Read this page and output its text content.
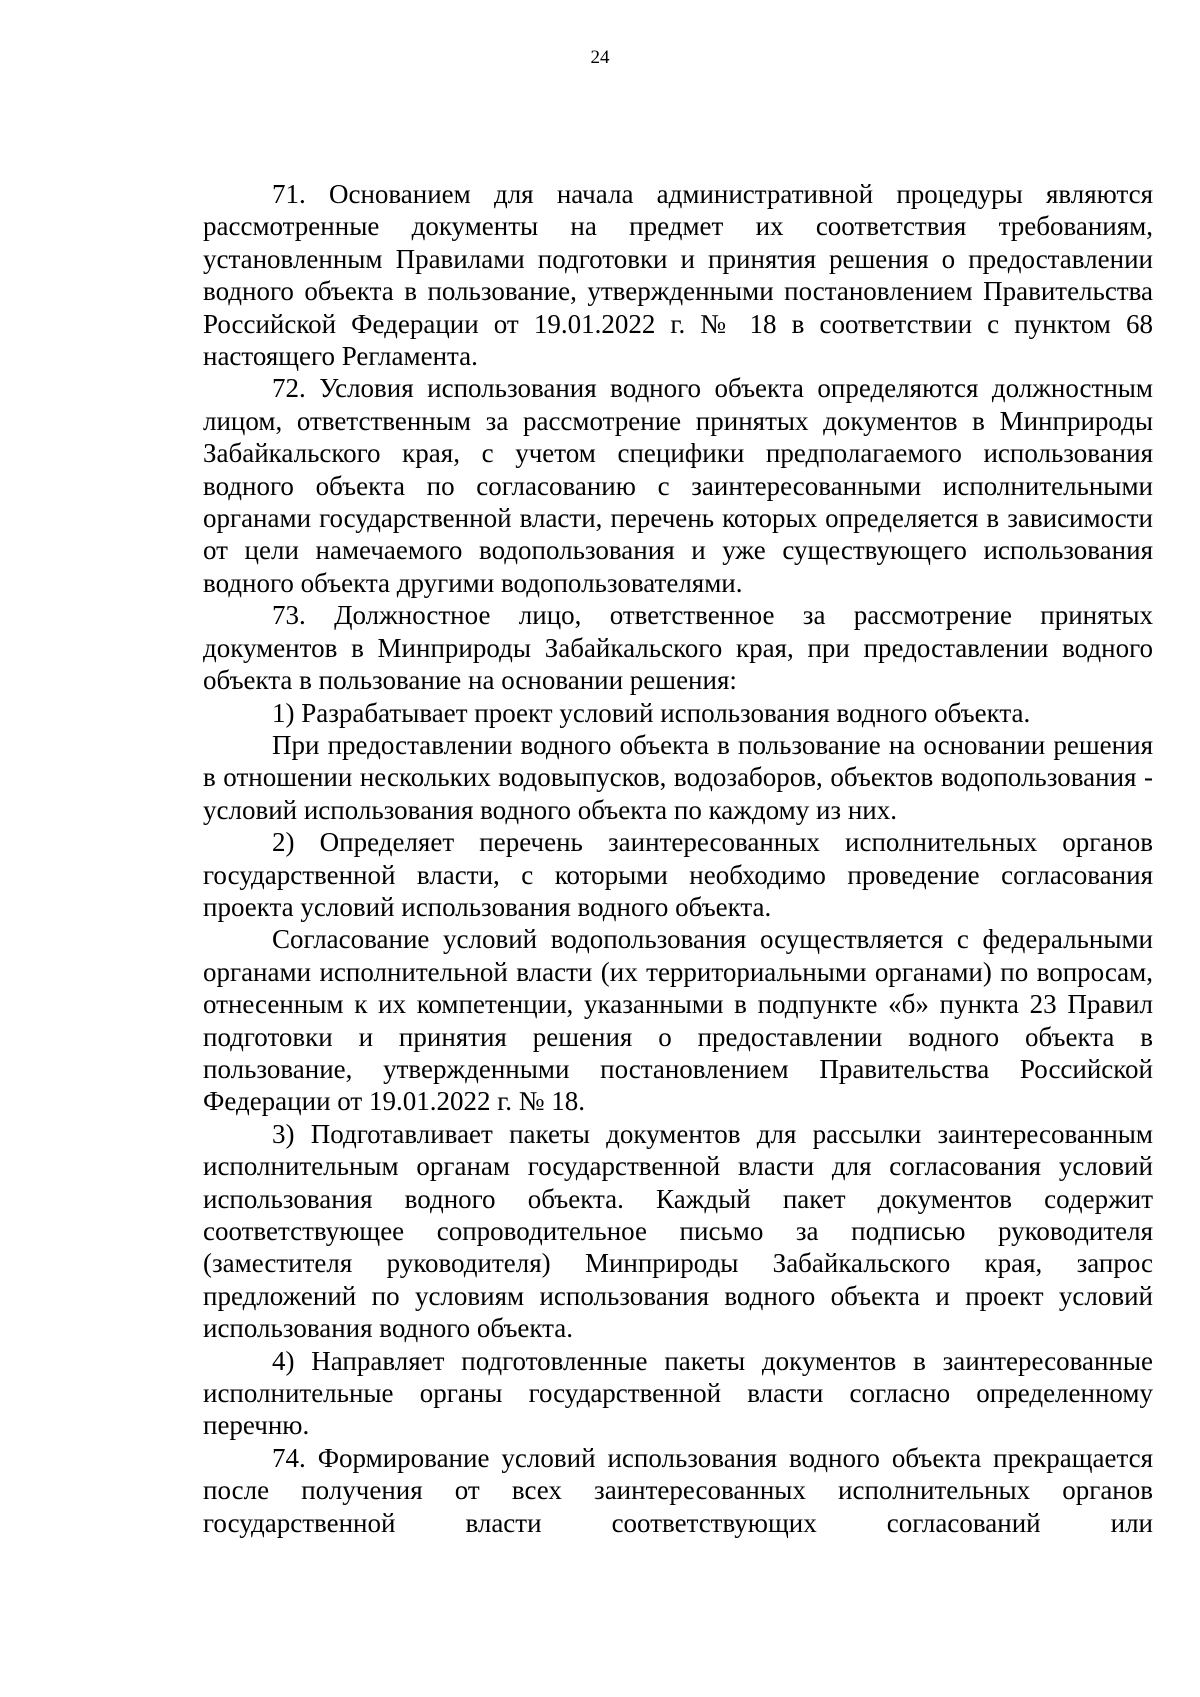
24

71. Основанием для начала административной процедуры являются рассмотренные документы на предмет их соответствия требованиям, установленным Правилами подготовки и принятия решения о предоставлении водного объекта в пользование, утвержденными постановлением Правительства Российской Федерации от 19.01.2022 г. № 18 в соответствии с пунктом 68 настоящего Регламента.

72. Условия использования водного объекта определяются должностным лицом, ответственным за рассмотрение принятых документов в Минприроды Забайкальского края, с учетом специфики предполагаемого использования водного объекта по согласованию с заинтересованными исполнительными органами государственной власти, перечень которых определяется в зависимости от цели намечаемого водопользования и уже существующего использования водного объекта другими водопользователями.

73. Должностное лицо, ответственное за рассмотрение принятых документов в Минприроды Забайкальского края, при предоставлении водного объекта в пользование на основании решения:

1) Разрабатывает проект условий использования водного объекта.

При предоставлении водного объекта в пользование на основании решения в отношении нескольких водовыпусков, водозаборов, объектов водопользования - условий использования водного объекта по каждому из них.

2) Определяет перечень заинтересованных исполнительных органов государственной власти, с которыми необходимо проведение согласования проекта условий использования водного объекта.

Согласование условий водопользования осуществляется с федеральными органами исполнительной власти (их территориальными органами) по вопросам, отнесенным к их компетенции, указанными в подпункте «б» пункта 23 Правил подготовки и принятия решения о предоставлении водного объекта в пользование, утвержденными постановлением Правительства Российской Федерации от 19.01.2022 г. № 18.

3) Подготавливает пакеты документов для рассылки заинтересованным исполнительным органам государственной власти для согласования условий использования водного объекта. Каждый пакет документов содержит соответствующее сопроводительное письмо за подписью руководителя (заместителя руководителя) Минприроды Забайкальского края, запрос предложений по условиям использования водного объекта и проект условий использования водного объекта.

4) Направляет подготовленные пакеты документов в заинтересованные исполнительные органы государственной власти согласно определенному перечню.

74. Формирование условий использования водного объекта прекращается после получения от всех заинтересованных исполнительных органов государственной власти соответствующих согласований или
